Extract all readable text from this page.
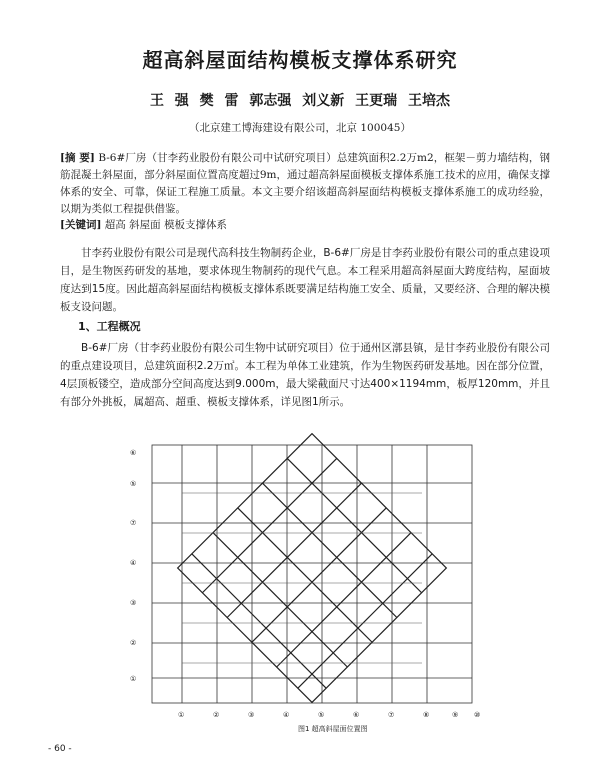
超高斜屋面结构模板支撑体系研究
王 强 樊 雷 郭志强 刘义新 王更瑞 王培杰
（北京建工博海建设有限公司，北京 100045）
[摘 要] B-6#厂房（甘李药业股份有限公司中试研究项目）总建筑面积2.2万m2，框架－剪力墙结构，钢筋混凝土斜屋面，部分斜屋面位置高度超过9m，通过超高斜屋面模板支撑体系施工技术的应用，确保支撑体系的安全、可靠，保证工程施工质量。本文主要介绍该超高斜屋面结构模板支撑体系施工的成功经验，以期为类似工程提供借鉴。
[关键词] 超高 斜屋面 模板支撑体系
甘李药业股份有限公司是现代高科技生物制药企业，B-6#厂房是甘李药业股份有限公司的重点建设项目，是生物医药研发的基地，要求体现生物制药的现代气息。本工程采用超高斜屋面大跨度结构，屋面坡度达到15度。因此超高斜屋面结构模板支撑体系既要满足结构施工安全、质量，又要经济、合理的解决模板支设问题。
1、工程概况
B-6#厂房（甘李药业股份有限公司生物中试研究项目）位于通州区漷县镇，是甘李药业股份有限公司的重点建设项目，总建筑面积2.2万㎡。本工程为单体工业建筑，作为生物医药研发基地。因在部分位置，4层顶板镂空，造成部分空间高度达到9.000m，最大梁截面尺寸达400×1194mm，板厚120mm，并且有部分外挑板，属超高、超重、模板支撑体系，详见图1所示。
⑥
⑤
⑦
④
③
②
①
①	②	③	④	⑤	⑥	⑦	⑧	⑨ ⑩
图1 超高斜屋面位置图
- 60 -
